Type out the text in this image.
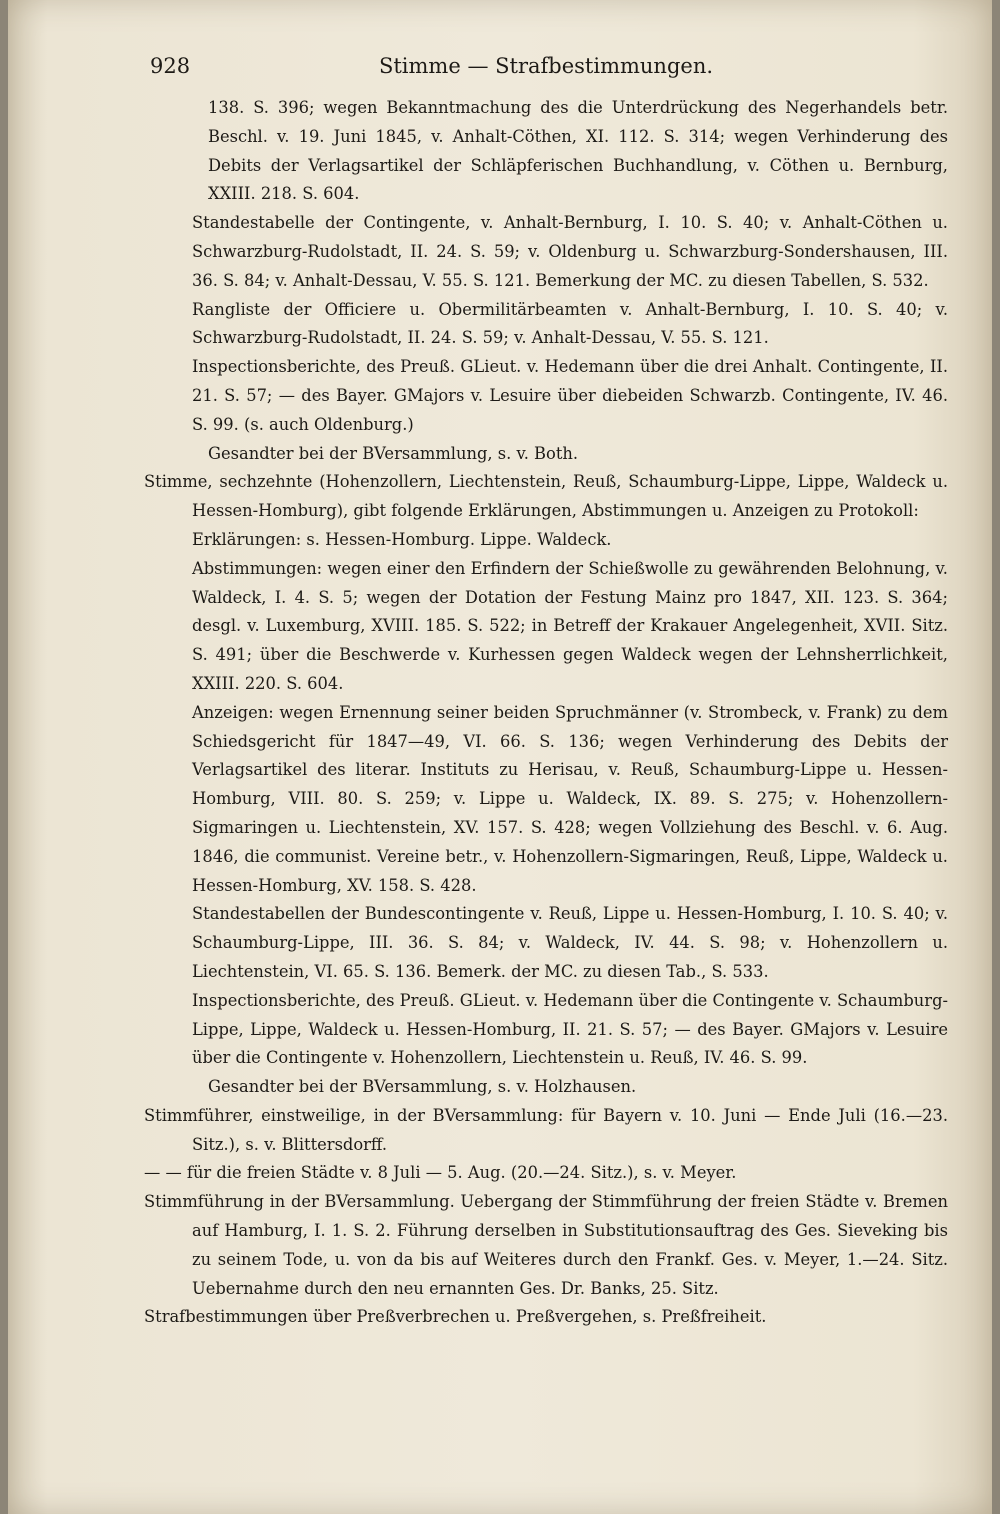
928	Stimme — Strafbestimmungen.
138. S. 396; wegen Bekanntmachung des die Unterdrückung des Negerhandels betr. Beschl. v. 19. Juni 1845, v. Anhalt-Cöthen, XI. 112. S. 314; wegen Verhinderung des Debits der Verlagsartikel der Schläpferischen Buchhandlung, v. Cöthen u. Bernburg, XXIII. 218. S. 604.
Standestabelle der Contingente, v. Anhalt-Bernburg, I. 10. S. 40; v. Anhalt-Cöthen u. Schwarzburg-Rudolstadt, II. 24. S. 59; v. Oldenburg u. Schwarzburg-Sondershausen, III. 36. S. 84; v. Anhalt-Dessau, V. 55. S. 121. Bemerkung der MC. zu diesen Tabellen, S. 532.
Rangliste der Officiere u. Obermilitärbeamten v. Anhalt-Bernburg, I. 10. S. 40; v. Schwarzburg-Rudolstadt, II. 24. S. 59; v. Anhalt-Dessau, V. 55. S. 121.
Inspectionsberichte, des Preuß. GLieut. v. Hedemann über die drei Anhalt. Contingente, II. 21. S. 57; — des Bayer. GMajors v. Lesuire über diebeiden Schwarzb. Contingente, IV. 46. S. 99. (s. auch Oldenburg.)
Gesandter bei der BVersammlung, s. v. Both.
Stimme, sechzehnte (Hohenzollern, Liechtenstein, Reuß, Schaumburg-Lippe, Lippe, Waldeck u. Hessen-Homburg), gibt folgende Erklärungen, Abstimmungen u. Anzeigen zu Protokoll:
Erklärungen: s. Hessen-Homburg. Lippe. Waldeck.
Abstimmungen: wegen einer den Erfindern der Schießwolle zu gewährenden Belohnung, v. Waldeck, I. 4. S. 5; wegen der Dotation der Festung Mainz pro 1847, XII. 123. S. 364; desgl. v. Luxemburg, XVIII. 185. S. 522; in Betreff der Krakauer Angelegenheit, XVII. Sitz. S. 491; über die Beschwerde v. Kurhessen gegen Waldeck wegen der Lehnsherrlichkeit, XXIII. 220. S. 604.
Anzeigen: wegen Ernennung seiner beiden Spruchmänner (v. Strombeck, v. Frank) zu dem Schiedsgericht für 1847—49, VI. 66. S. 136; wegen Verhinderung des Debits der Verlagsartikel des literar. Instituts zu Herisau, v. Reuß, Schaumburg-Lippe u. Hessen-Homburg, VIII. 80. S. 259; v. Lippe u. Waldeck, IX. 89. S. 275; v. Hohenzollern-Sigmaringen u. Liechtenstein, XV. 157. S. 428; wegen Vollziehung des Beschl. v. 6. Aug. 1846, die communist. Vereine betr., v. Hohenzollern-Sigmaringen, Reuß, Lippe, Waldeck u. Hessen-Homburg, XV. 158. S. 428.
Standestabellen der Bundescontingente v. Reuß, Lippe u. Hessen-Homburg, I. 10. S. 40; v. Schaumburg-Lippe, III. 36. S. 84; v. Waldeck, IV. 44. S. 98; v. Hohenzollern u. Liechtenstein, VI. 65. S. 136. Bemerk. der MC. zu diesen Tab., S. 533.
Inspectionsberichte, des Preuß. GLieut. v. Hedemann über die Contingente v. Schaumburg-Lippe, Lippe, Waldeck u. Hessen-Homburg, II. 21. S. 57; — des Bayer. GMajors v. Lesuire über die Contingente v. Hohenzollern, Liechtenstein u. Reuß, IV. 46. S. 99.
Gesandter bei der BVersammlung, s. v. Holzhausen.
Stimmführer, einstweilige, in der BVersammlung: für Bayern v. 10. Juni — Ende Juli (16.—23. Sitz.), s. v. Blittersdorff.
— — für die freien Städte v. 8 Juli — 5. Aug. (20.—24. Sitz.), s. v. Meyer.
Stimmführung in der BVersammlung. Uebergang der Stimmführung der freien Städte v. Bremen auf Hamburg, I. 1. S. 2. Führung derselben in Substitutionsauftrag des Ges. Sieveking bis zu seinem Tode, u. von da bis auf Weiteres durch den Frankf. Ges. v. Meyer, 1.—24. Sitz. Uebernahme durch den neu ernannten Ges. Dr. Banks, 25. Sitz.
Strafbestimmungen über Preßverbrechen u. Preßvergehen, s. Preßfreiheit.
